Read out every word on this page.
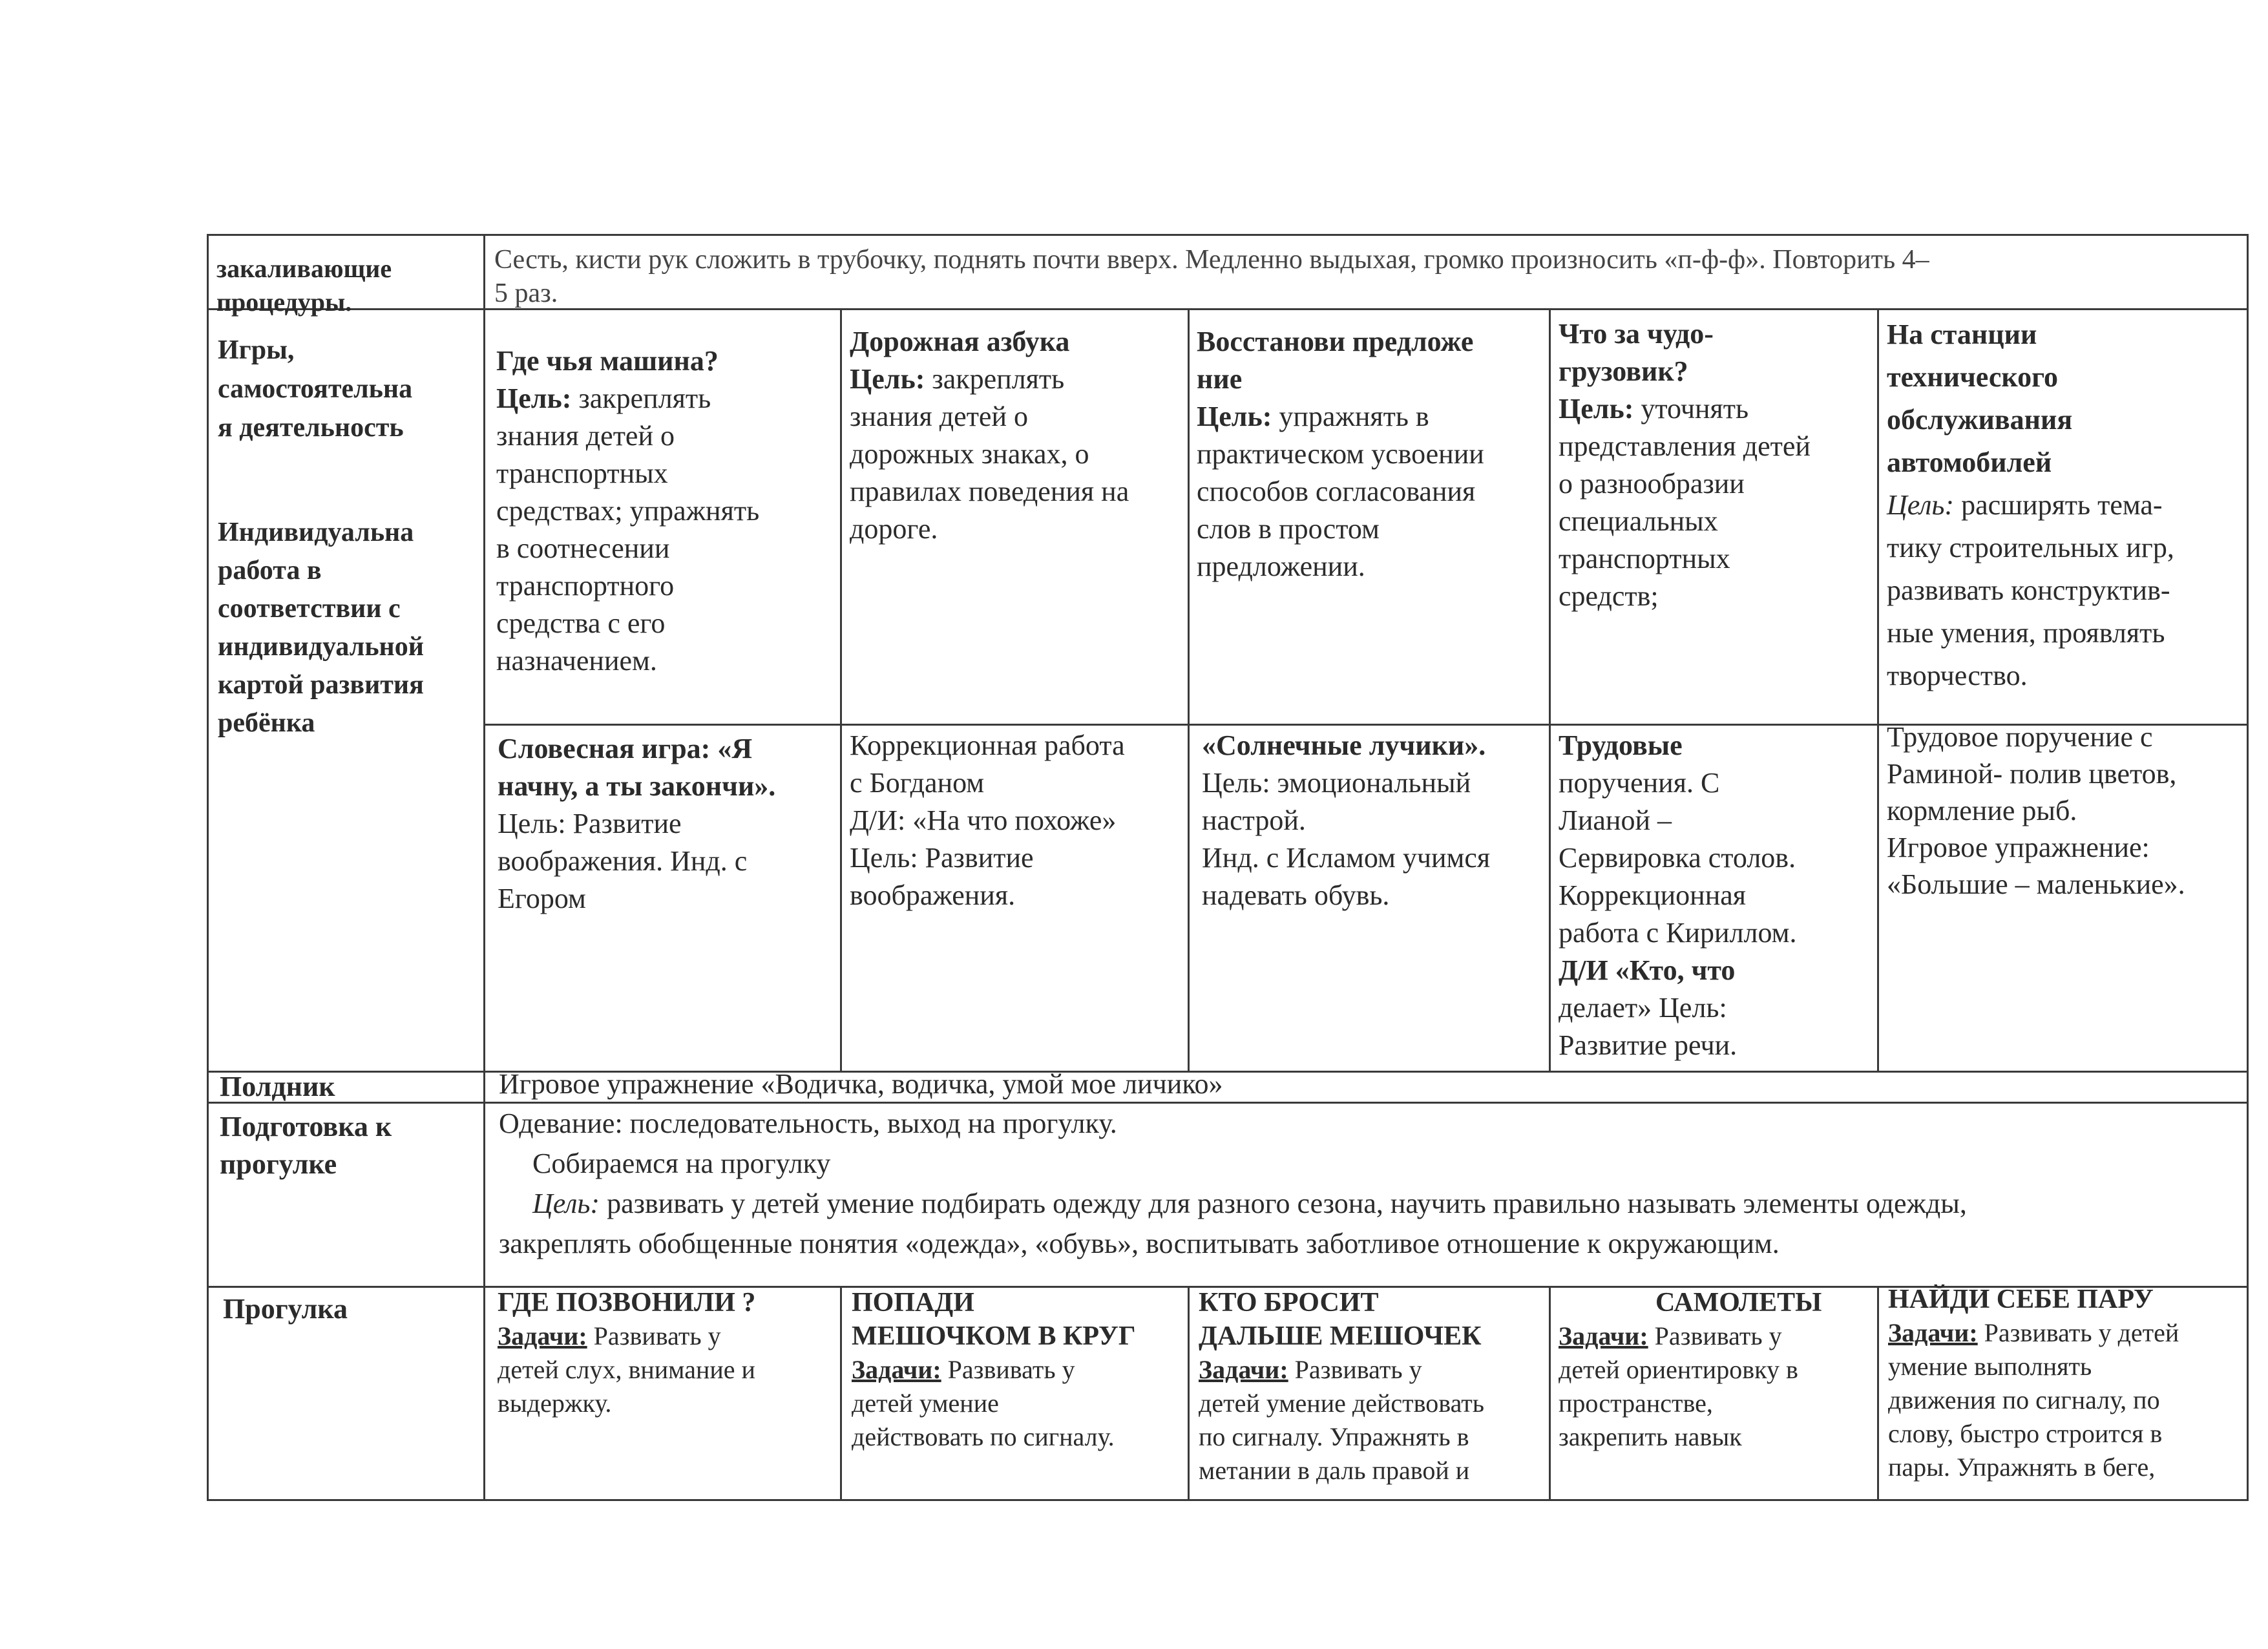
закаливающие
процедуры.
Сесть, кисти рук сложить в трубочку, поднять почти вверх. Медленно выдыхая, громко произносить «п-ф-ф». Повторить 4–
5 раз.
Игры,
самостоятельна
я деятельность
Индивидуальна
работа в
соответствии с
индивидуальной
картой развития
ребёнка
Где чья машина?
Цель: закреплять
знания детей о
транспортных
средствах; упражнять
в соотнесении
транспортного
средства с его
назначением.
Дорожная азбука
Цель: закреплять
знания детей о
дорожных знаках, о
правилах поведения на
дороге.
Восстанови предложе
ние
Цель: упражнять в
практическом усвоении
способов согласования
слов в простом
предложении.
Что за чудо-
грузовик?
Цель: уточнять
представления детей
о разнообразии
специальных
транспортных
средств;
На станции
технического
обслуживания
автомобилей
Цель: расширять тема-
тику строительных игр,
развивать конструктив-
ные умения, проявлять
творчество.
Словесная игра: «Я
начну, а ты закончи».
Цель: Развитие
воображения. Инд. с
Егором
Коррекционная работа
с Богданом
Д/И: «На что похоже»
Цель: Развитие
воображения.
«Солнечные лучики».
Цель: эмоциональный
настрой.
Инд. с Исламом учимся
надевать обувь.
Трудовые
поручения. С
Лианой –
Сервировка столов.
Коррекционная
работа с Кириллом.
Д/И «Кто, что
делает» Цель:
Развитие речи.
Трудовое поручение с
Раминой- полив цветов,
кормление рыб.
Игровое упражнение:
«Большие – маленькие».
Полдник	Игровое упражнение «Водичка, водичка, умой мое личико»
Подготовка к
прогулке
Одевание: последовательность, выход на прогулку.
Собираемся на прогулку
Цель: развивать у детей умение подбирать одежду для разного сезона, научить правильно называть элементы одежды,
закреплять обобщенные понятия «одежда», «обувь», воспитывать заботливое отношение к окружающим.
Прогулка	ГДЕ ПОЗВОНИЛИ ?
Задачи: Развивать у
детей слух, внимание и
выдержку.
ПОПАДИ
МЕШОЧКОМ В КРУГ
Задачи: Развивать у
детей умение
действовать по сигналу.
КТО БРОСИТ
ДАЛЬШЕ МЕШОЧЕК
Задачи: Развивать у
детей умение действовать
по сигналу. Упражнять в
метании в даль правой и
САМОЛЕТЫ
Задачи: Развивать у
детей ориентировку в
пространстве,
закрепить навык
НАЙДИ СЕБЕ ПАРУ
Задачи: Развивать у детей
умение выполнять
движения по сигналу, по
слову, быстро строится в
пары. Упражнять в беге,
